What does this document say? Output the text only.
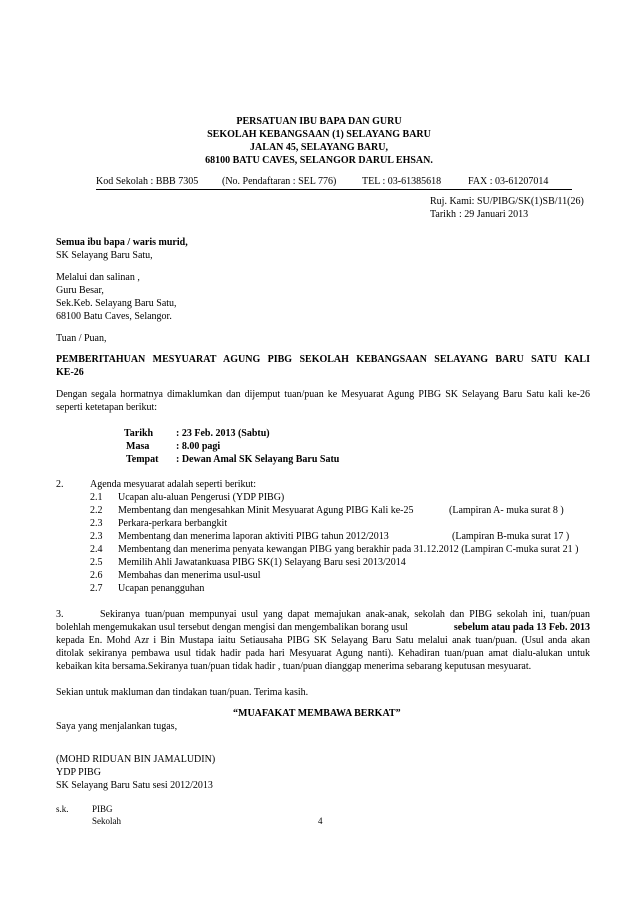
PERSATUAN IBU BAPA DAN GURU
SEKOLAH KEBANGSAAN (1) SELAYANG BARU
JALAN 45, SELAYANG BARU,
68100 BATU CAVES, SELANGOR DARUL EHSAN.
Kod Sekolah : BBB 7305 (No. Pendaftaran : SEL 776)	TEL : 03-61385618	FAX : 03-61207014
Ruj. Kami: SU/PIBG/SK(1)SB/11(26)
Tarikh : 29 Januari 2013
Semua ibu bapa / waris murid,
SK Selayang Baru Satu,
Melalui dan salinan ,
Guru Besar,
Sek.Keb. Selayang Baru Satu,
68100 Batu Caves, Selangor.
Tuan / Puan,
PEMBERITAHUAN MESYUARAT AGUNG PIBG SEKOLAH KEBANGSAAN SELAYANG BARU SATU KALI
KE-26
Dengan segala hormatnya dimaklumkan dan dijemput tuan/puan ke Mesyuarat Agung PIBG SK Selayang Baru Satu kali ke-26
seperti ketetapan berikut:
Tarikh : 23 Feb. 2013 (Sabtu)
Masa	: 8.00 pagi
Tempat : Dewan Amal SK Selayang Baru Satu
2.	Agenda mesyuarat adalah seperti berikut:
2.1 Ucapan alu-aluan Pengerusi (YDP PIBG)
2.2 Membentang dan mengesahkan Minit Mesyuarat Agung PIBG Kali ke-25	(Lampiran A- muka surat 8 )
2.3 Perkara-perkara berbangkit
2.3 Membentang dan menerima laporan aktiviti PIBG tahun 2012/2013	(Lampiran B-muka surat 17 )
2.4 Membentang dan menerima penyata kewangan PIBG yang berakhir pada 31.12.2012 (Lampiran C-muka surat 21 )
2.5 Memilih Ahli Jawatankuasa PIBG SK(1) Selayang Baru sesi 2013/2014
2.6 Membahas dan menerima usul-usul
2.7 Ucapan penangguhan
3.	Sekiranya tuan/puan mempunyai usul yang dapat memajukan anak-anak, sekolah dan PIBG sekolah ini, tuan/puan
bolehlah mengemukakan usul tersebut dengan mengisi dan mengembalikan borang usul	sebelum atau pada 13 Feb. 2013
kepada En. Mohd Azr i Bin Mustapa iaitu Setiausaha PIBG SK Selayang Baru Satu melalui anak tuan/puan. (Usul anda akan
ditolak sekiranya pembawa usul tidak hadir pada hari Mesyuarat Agung nanti). Kehadiran tuan/puan amat dialu-alukan untuk
kebaikan kita bersama.Sekiranya tuan/puan tidak hadir , tuan/puan dianggap menerima sebarang keputusan mesyuarat.
Sekian untuk makluman dan tindakan tuan/puan. Terima kasih.
“MUAFAKAT MEMBAWA BERKAT”
Saya yang menjalankan tugas,
(MOHD RIDUAN BIN JAMALUDIN)
YDP PIBG
SK Selayang Baru Satu sesi 2012/2013
s.k.	PIBG
Sekolah	4
